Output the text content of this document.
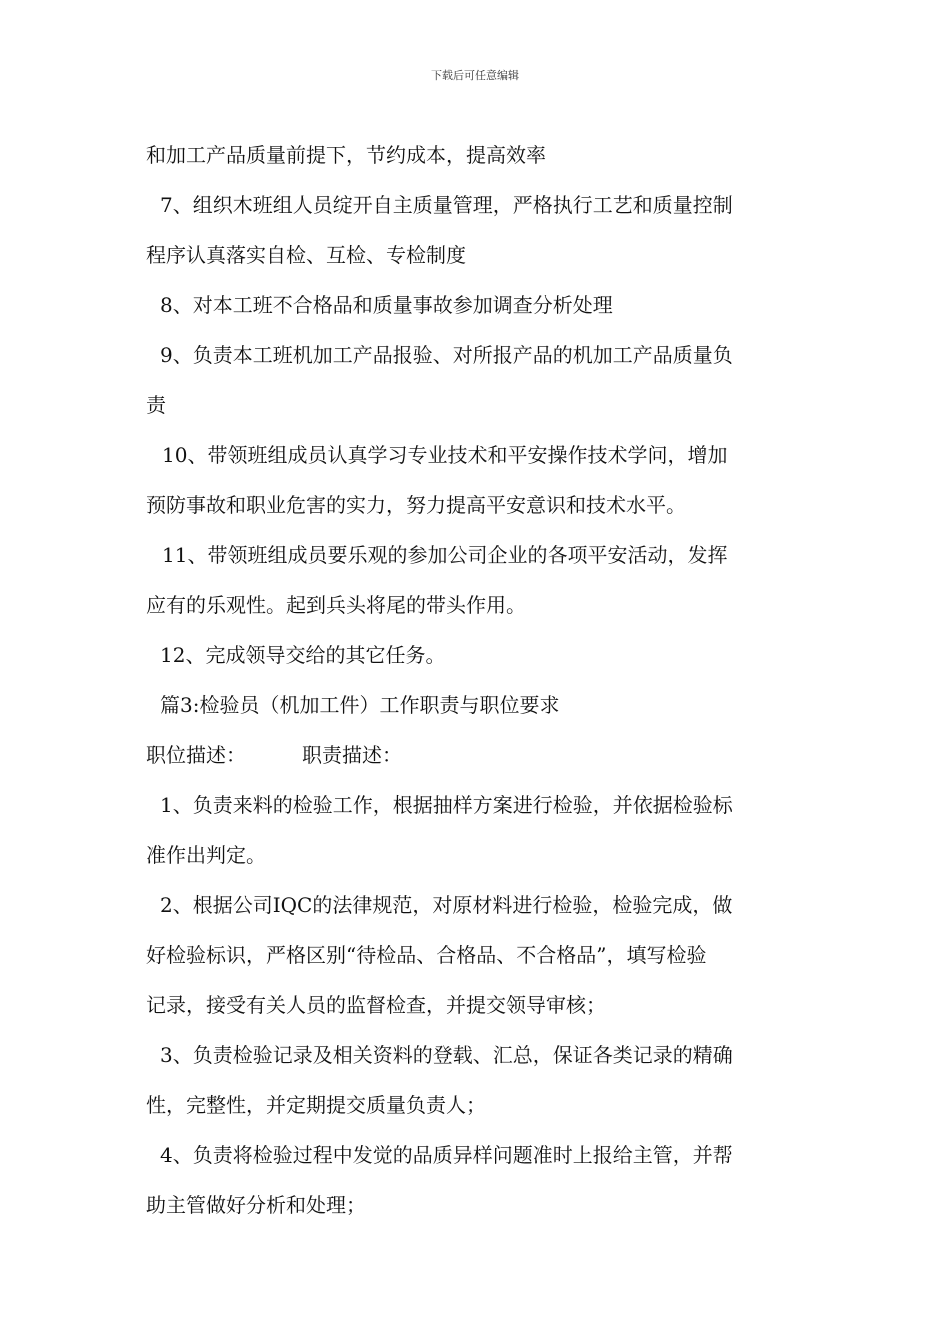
下载后可任意编辑
和加工产品质量前提下，节约成本，提高效率
7、组织木班组人员绽开自主质量管理，严格执行工艺和质量控制
程序认真落实自检、互检、专检制度
8、对本工班不合格品和质量事故参加调查分析处理
9、负责本工班机加工产品报验、对所报产品的机加工产品质量负
责
10、带领班组成员认真学习专业技术和平安操作技术学问，增加
预防事故和职业危害的实力，努力提高平安意识和技术水平。
11、带领班组成员要乐观的参加公司企业的各项平安活动，发挥
应有的乐观性。起到兵头将尾的带头作用。
12、完成领导交给的其它任务。
篇3:检验员（机加工件）工作职责与职位要求
职位描述：	职责描述：
1、负责来料的检验工作，根据抽样方案进行检验，并依据检验标
准作出判定。
2、根据公司IQC的法律规范，对原材料进行检验，检验完成，做
好检验标识，严格区别“待检品、合格品、不合格品”，填写检验
记录，接受有关人员的监督检查，并提交领导审核；
3、负责检验记录及相关资料的登载、汇总，保证各类记录的精确
性，完整性，并定期提交质量负责人；
4、负责将检验过程中发觉的品质异样问题准时上报给主管，并帮
助主管做好分析和处理；
